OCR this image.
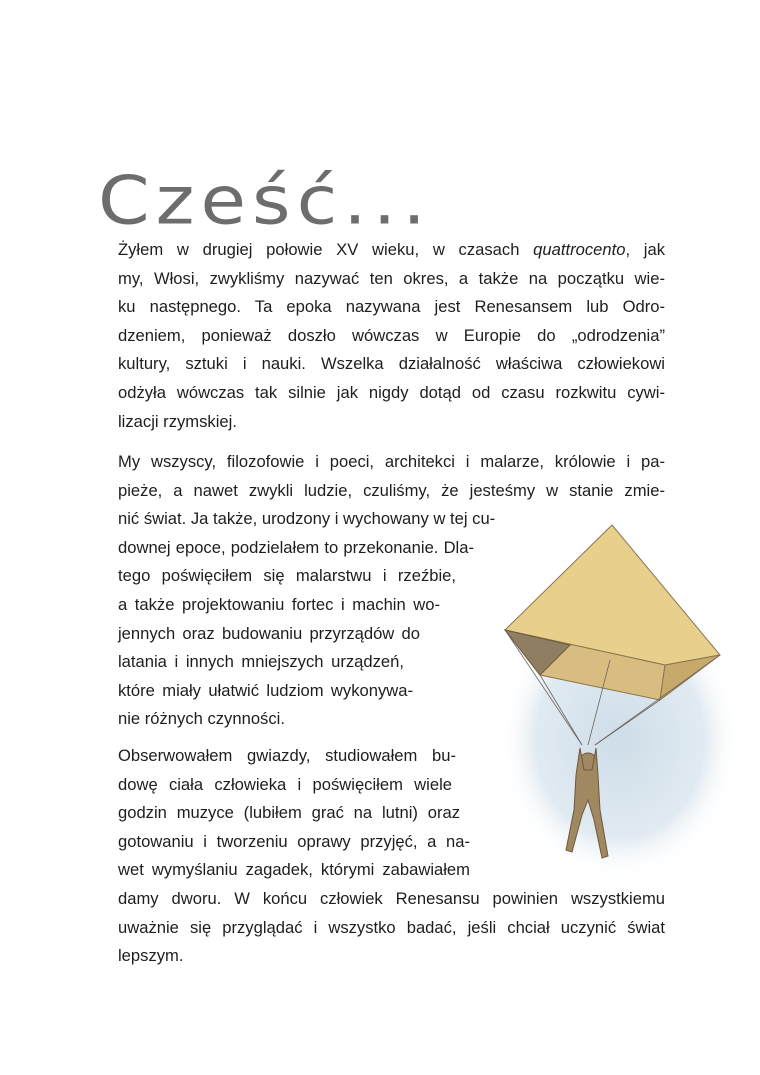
Cześć...
Żyłem w drugiej połowie XV wieku, w czasach quattrocento, jak
my, Włosi, zwykliśmy nazywać ten okres, a także na początku wie-
ku następnego. Ta epoka nazywana jest Renesansem lub Odro-
dzeniem, ponieważ doszło wówczas w Europie do „odrodzenia”
kultury, sztuki i nauki. Wszelka działalność właściwa człowiekowi
odżyła wówczas tak silnie jak nigdy dotąd od czasu rozkwitu cywi-
lizacji rzymskiej.
My wszyscy, filozofowie i poeci, architekci i malarze, królowie i pa-
pieże, a nawet zwykli ludzie, czuliśmy, że jesteśmy w stanie zmie-
nić świat. Ja także, urodzony i wychowany w tej cu-
downej epoce, podzielałem to przekonanie. Dla-
tego poświęciłem się malarstwu i rzeźbie,
a także projektowaniu fortec i machin wo-
jennych oraz budowaniu przyrządów do
latania i innych mniejszych urządzeń,
które miały ułatwić ludziom wykonywa-
nie różnych czynności.
Obserwowałem gwiazdy, studiowałem bu-
dowę ciała człowieka i poświęciłem wiele
godzin muzyce (lubiłem grać na lutni) oraz
gotowaniu i tworzeniu oprawy przyjęć, a na-
wet wymyślaniu zagadek, którymi zabawiałem
damy dworu. W końcu człowiek Renesansu powinien wszystkiemu
uważnie się przyglądać i wszystko badać, jeśli chciał uczynić świat
lepszym.
